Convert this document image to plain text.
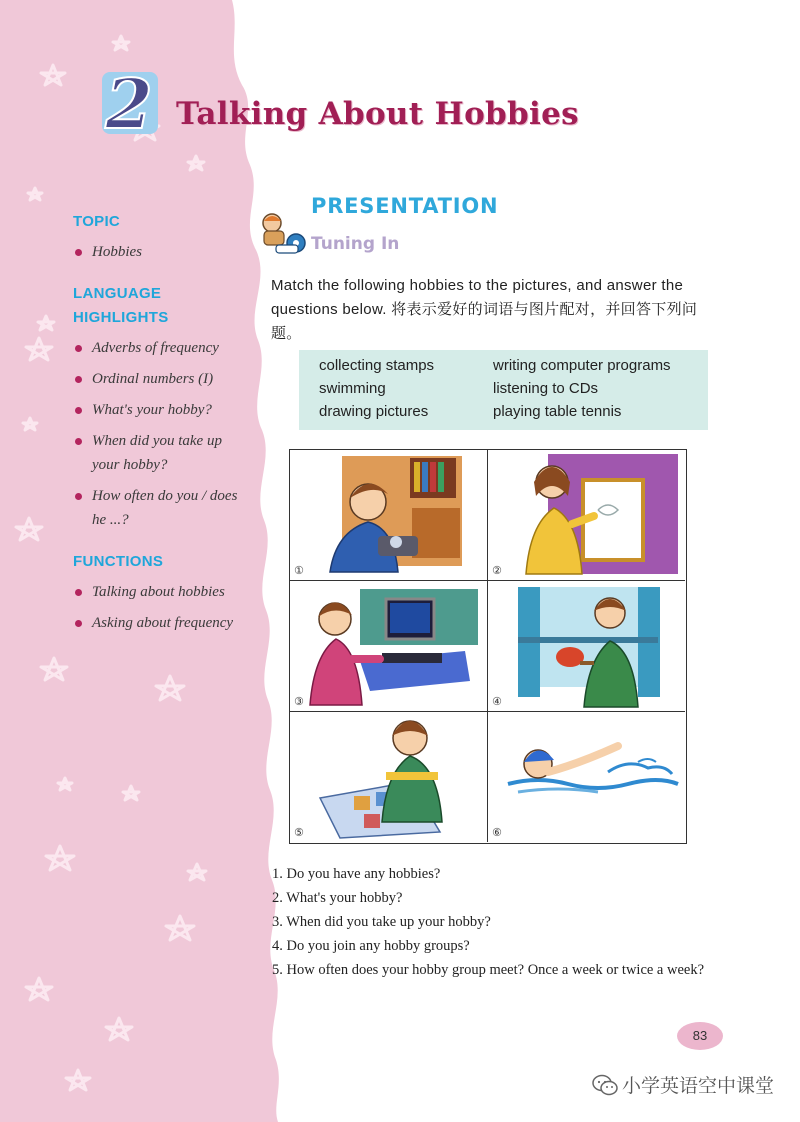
2 Talking About Hobbies
TOPIC
Hobbies
LANGUAGE
HIGHLIGHTS
Adverbs of frequency
Ordinal numbers (I)
What's your hobby?
When did you take up your hobby?
How often do you / does he ...?
FUNCTIONS
Talking about hobbies
Asking about frequency
PRESENTATION
Tuning In
Match the following hobbies to the pictures, and answer the questions below. 将表示爱好的词语与图片配对，并回答下列问题。
collecting stamps	writing computer programs
swimming	listening to CDs
drawing pictures	playing table tennis
①	②
③	④
⑤	⑥
1. Do you have any hobbies?
2. What's your hobby?
3. When did you take up your hobby?
4. Do you join any hobby groups?
5. How often does your hobby group meet? Once a week or twice a week?
83
小学英语空中课堂
